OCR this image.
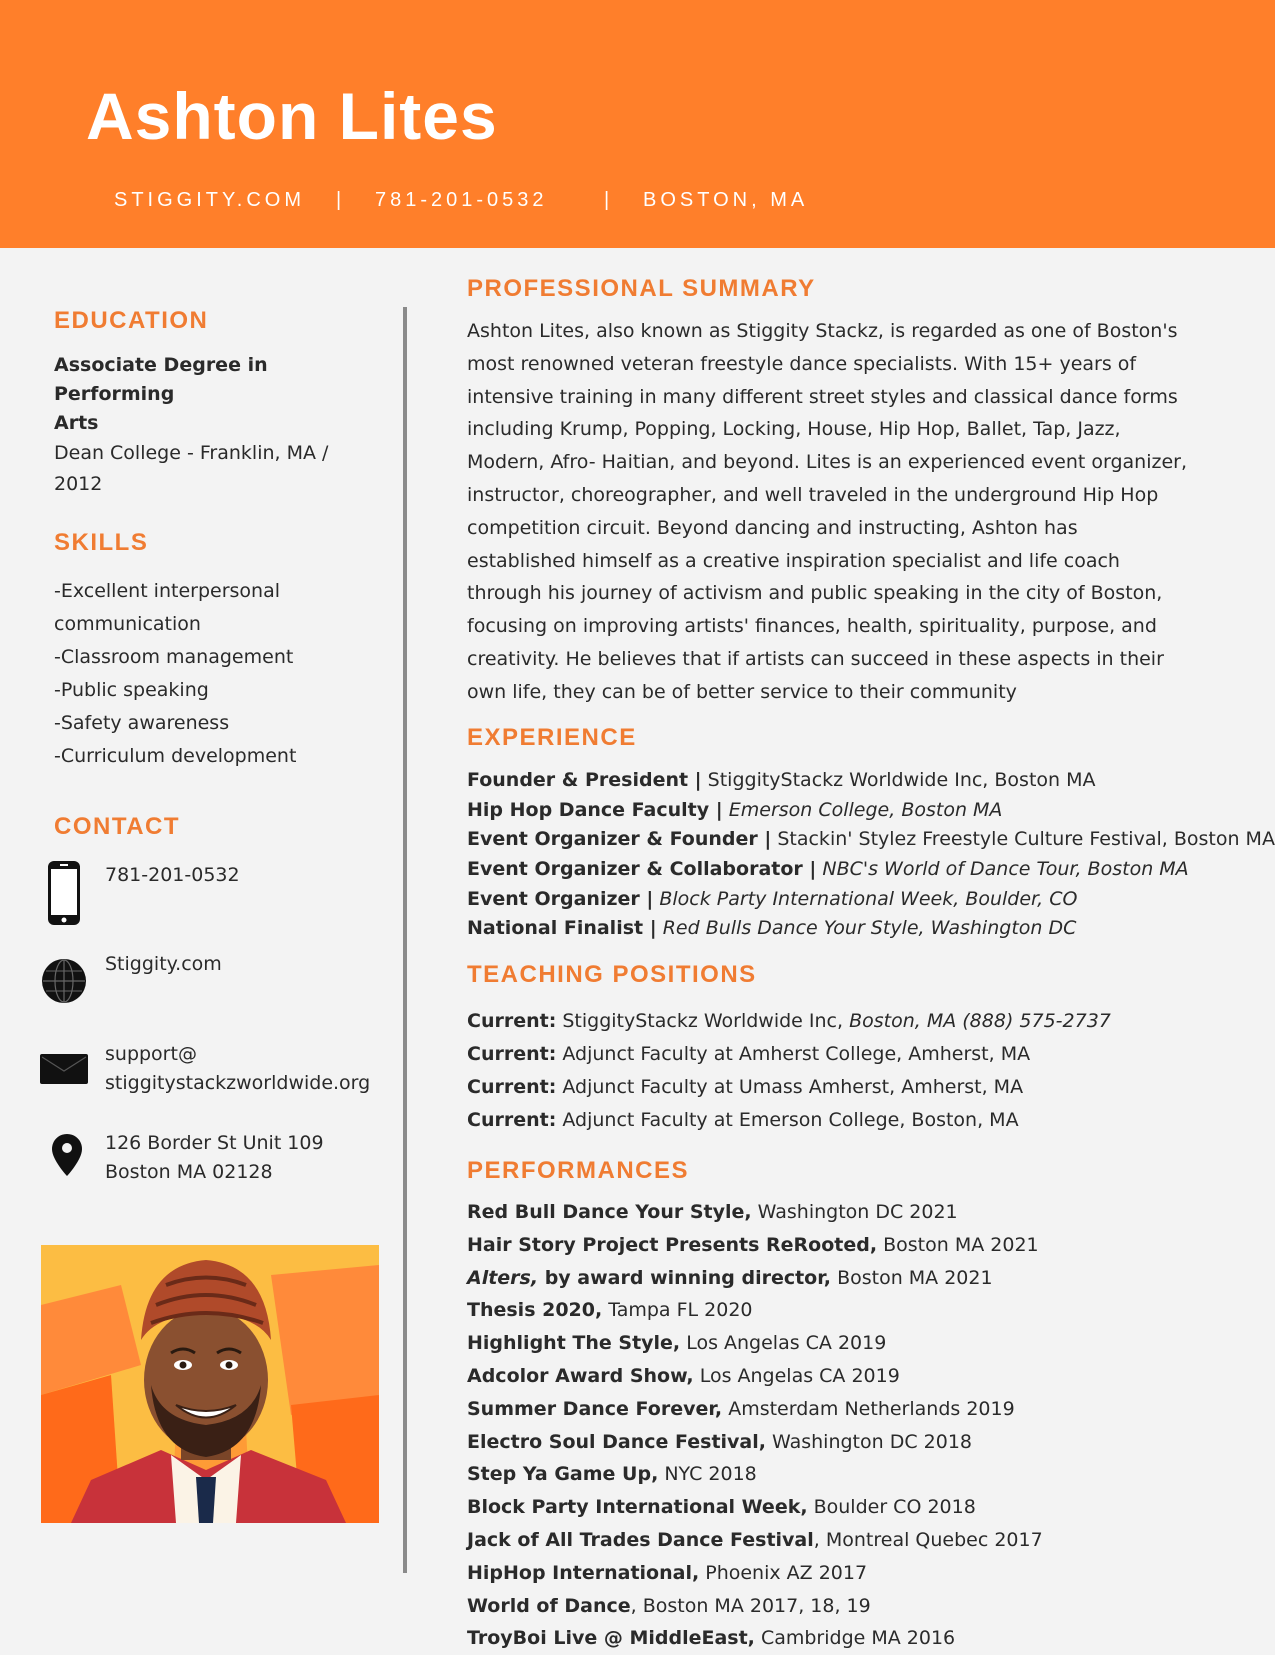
Ashton Lites
STIGGITY.COM | 781-201-0532	| BOSTON, MA
EDUCATION
Associate Degree in Performing
Arts
Dean College - Franklin, MA /
2012
SKILLS
-Excellent interpersonal
communication
-Classroom management
-Public speaking
-Safety awareness
-Curriculum development
CONTACT
781-201-0532
Stiggity.com
support@
stiggitystackzworldwide.org
126 Border St Unit 109
Boston MA 02128
PROFESSIONAL SUMMARY
Ashton Lites, also known as Stiggity Stackz, is regarded as one of Boston's
most renowned veteran freestyle dance specialists. With 15+ years of
intensive training in many different street styles and classical dance forms
including Krump, Popping, Locking, House, Hip Hop, Ballet, Tap, Jazz,
Modern, Afro- Haitian, and beyond. Lites is an experienced event organizer,
instructor, choreographer, and well traveled in the underground Hip Hop
competition circuit. Beyond dancing and instructing, Ashton has
established himself as a creative inspiration specialist and life coach
through his journey of activism and public speaking in the city of Boston,
focusing on improving artists' finances, health, spirituality, purpose, and
creativity. He believes that if artists can succeed in these aspects in their
own life, they can be of better service to their community
EXPERIENCE
Founder & President | StiggityStackz Worldwide Inc, Boston MA
Hip Hop Dance Faculty | Emerson College, Boston MA
Event Organizer & Founder | Stackin' Stylez Freestyle Culture Festival, Boston MA
Event Organizer & Collaborator | NBC's World of Dance Tour, Boston MA
Event Organizer | Block Party International Week, Boulder, CO
National Finalist | Red Bulls Dance Your Style, Washington DC
TEACHING POSITIONS
Current: StiggityStackz Worldwide Inc, Boston, MA (888) 575-2737
Current: Adjunct Faculty at Amherst College, Amherst, MA
Current: Adjunct Faculty at Umass Amherst, Amherst, MA
Current: Adjunct Faculty at Emerson College, Boston, MA
PERFORMANCES
Red Bull Dance Your Style, Washington DC 2021
Hair Story Project Presents ReRooted, Boston MA 2021
Alters, by award winning director, Boston MA 2021
Thesis 2020, Tampa FL 2020
Highlight The Style, Los Angelas CA 2019
Adcolor Award Show, Los Angelas CA 2019
Summer Dance Forever, Amsterdam Netherlands 2019
Electro Soul Dance Festival, Washington DC 2018
Step Ya Game Up, NYC 2018
Block Party International Week, Boulder CO 2018
Jack of All Trades Dance Festival, Montreal Quebec 2017
HipHop International, Phoenix AZ 2017
World of Dance, Boston MA 2017, 18, 19
TroyBoi Live @ MiddleEast, Cambridge MA 2016
